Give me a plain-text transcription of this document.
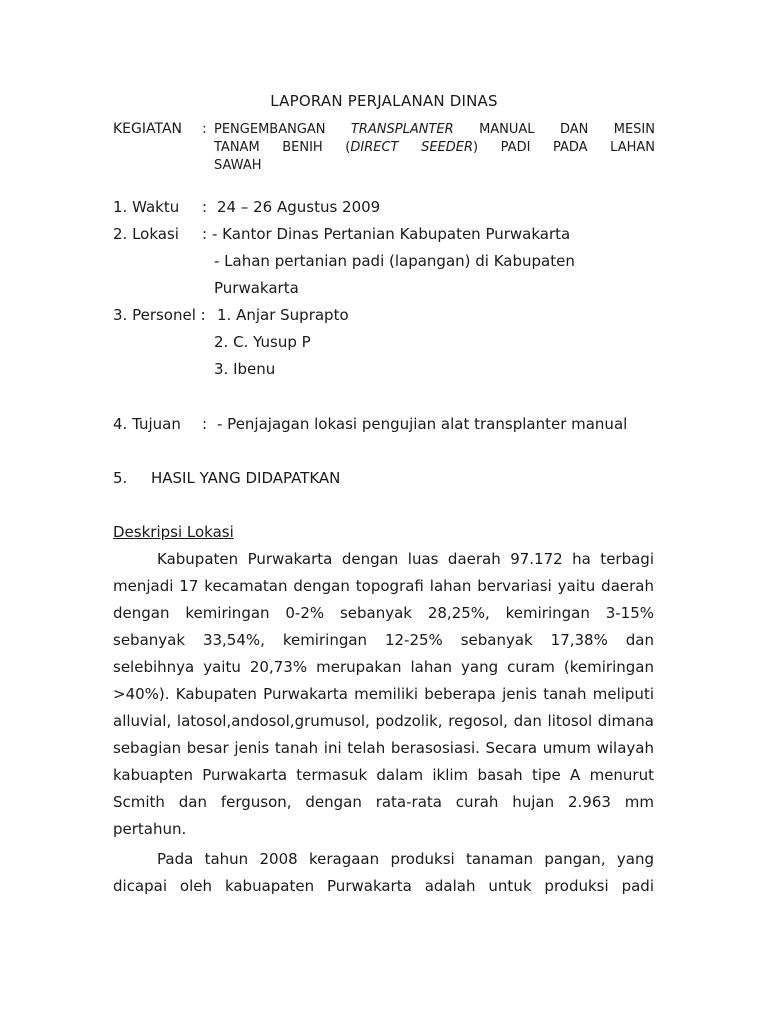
LAPORAN PERJALANAN DINAS
KEGIATAN : PENGEMBANGAN TRANSPLANTER MANUAL DAN MESIN
TANAM BENIH (DIRECT SEEDER) PADI PADA LAHAN
SAWAH
1. Waktu : 24 – 26 Agustus 2009
2. Lokasi : - Kantor Dinas Pertanian Kabupaten Purwakarta
- Lahan pertanian padi (lapangan) di Kabupaten
Purwakarta
3. Personel : 1. Anjar Suprapto
2. C. Yusup P
3. Ibenu
4. Tujuan : - Penjajagan lokasi pengujian alat transplanter manual
5. HASIL YANG DIDAPATKAN
Deskripsi Lokasi
Kabupaten Purwakarta dengan luas daerah 97.172 ha terbagi
menjadi 17 kecamatan dengan topografi lahan bervariasi yaitu daerah
dengan kemiringan 0-2% sebanyak 28,25%, kemiringan 3-15%
sebanyak 33,54%, kemiringan 12-25% sebanyak 17,38% dan
selebihnya yaitu 20,73% merupakan lahan yang curam (kemiringan
>40%). Kabupaten Purwakarta memiliki beberapa jenis tanah meliputi
alluvial, latosol,andosol,grumusol, podzolik, regosol, dan litosol dimana
sebagian besar jenis tanah ini telah berasosiasi. Secara umum wilayah
kabuapten Purwakarta termasuk dalam iklim basah tipe A menurut
Scmith dan ferguson, dengan rata-rata curah hujan 2.963 mm
pertahun.
Pada tahun 2008 keragaan produksi tanaman pangan, yang
dicapai oleh kabuapaten Purwakarta adalah untuk produksi padi
